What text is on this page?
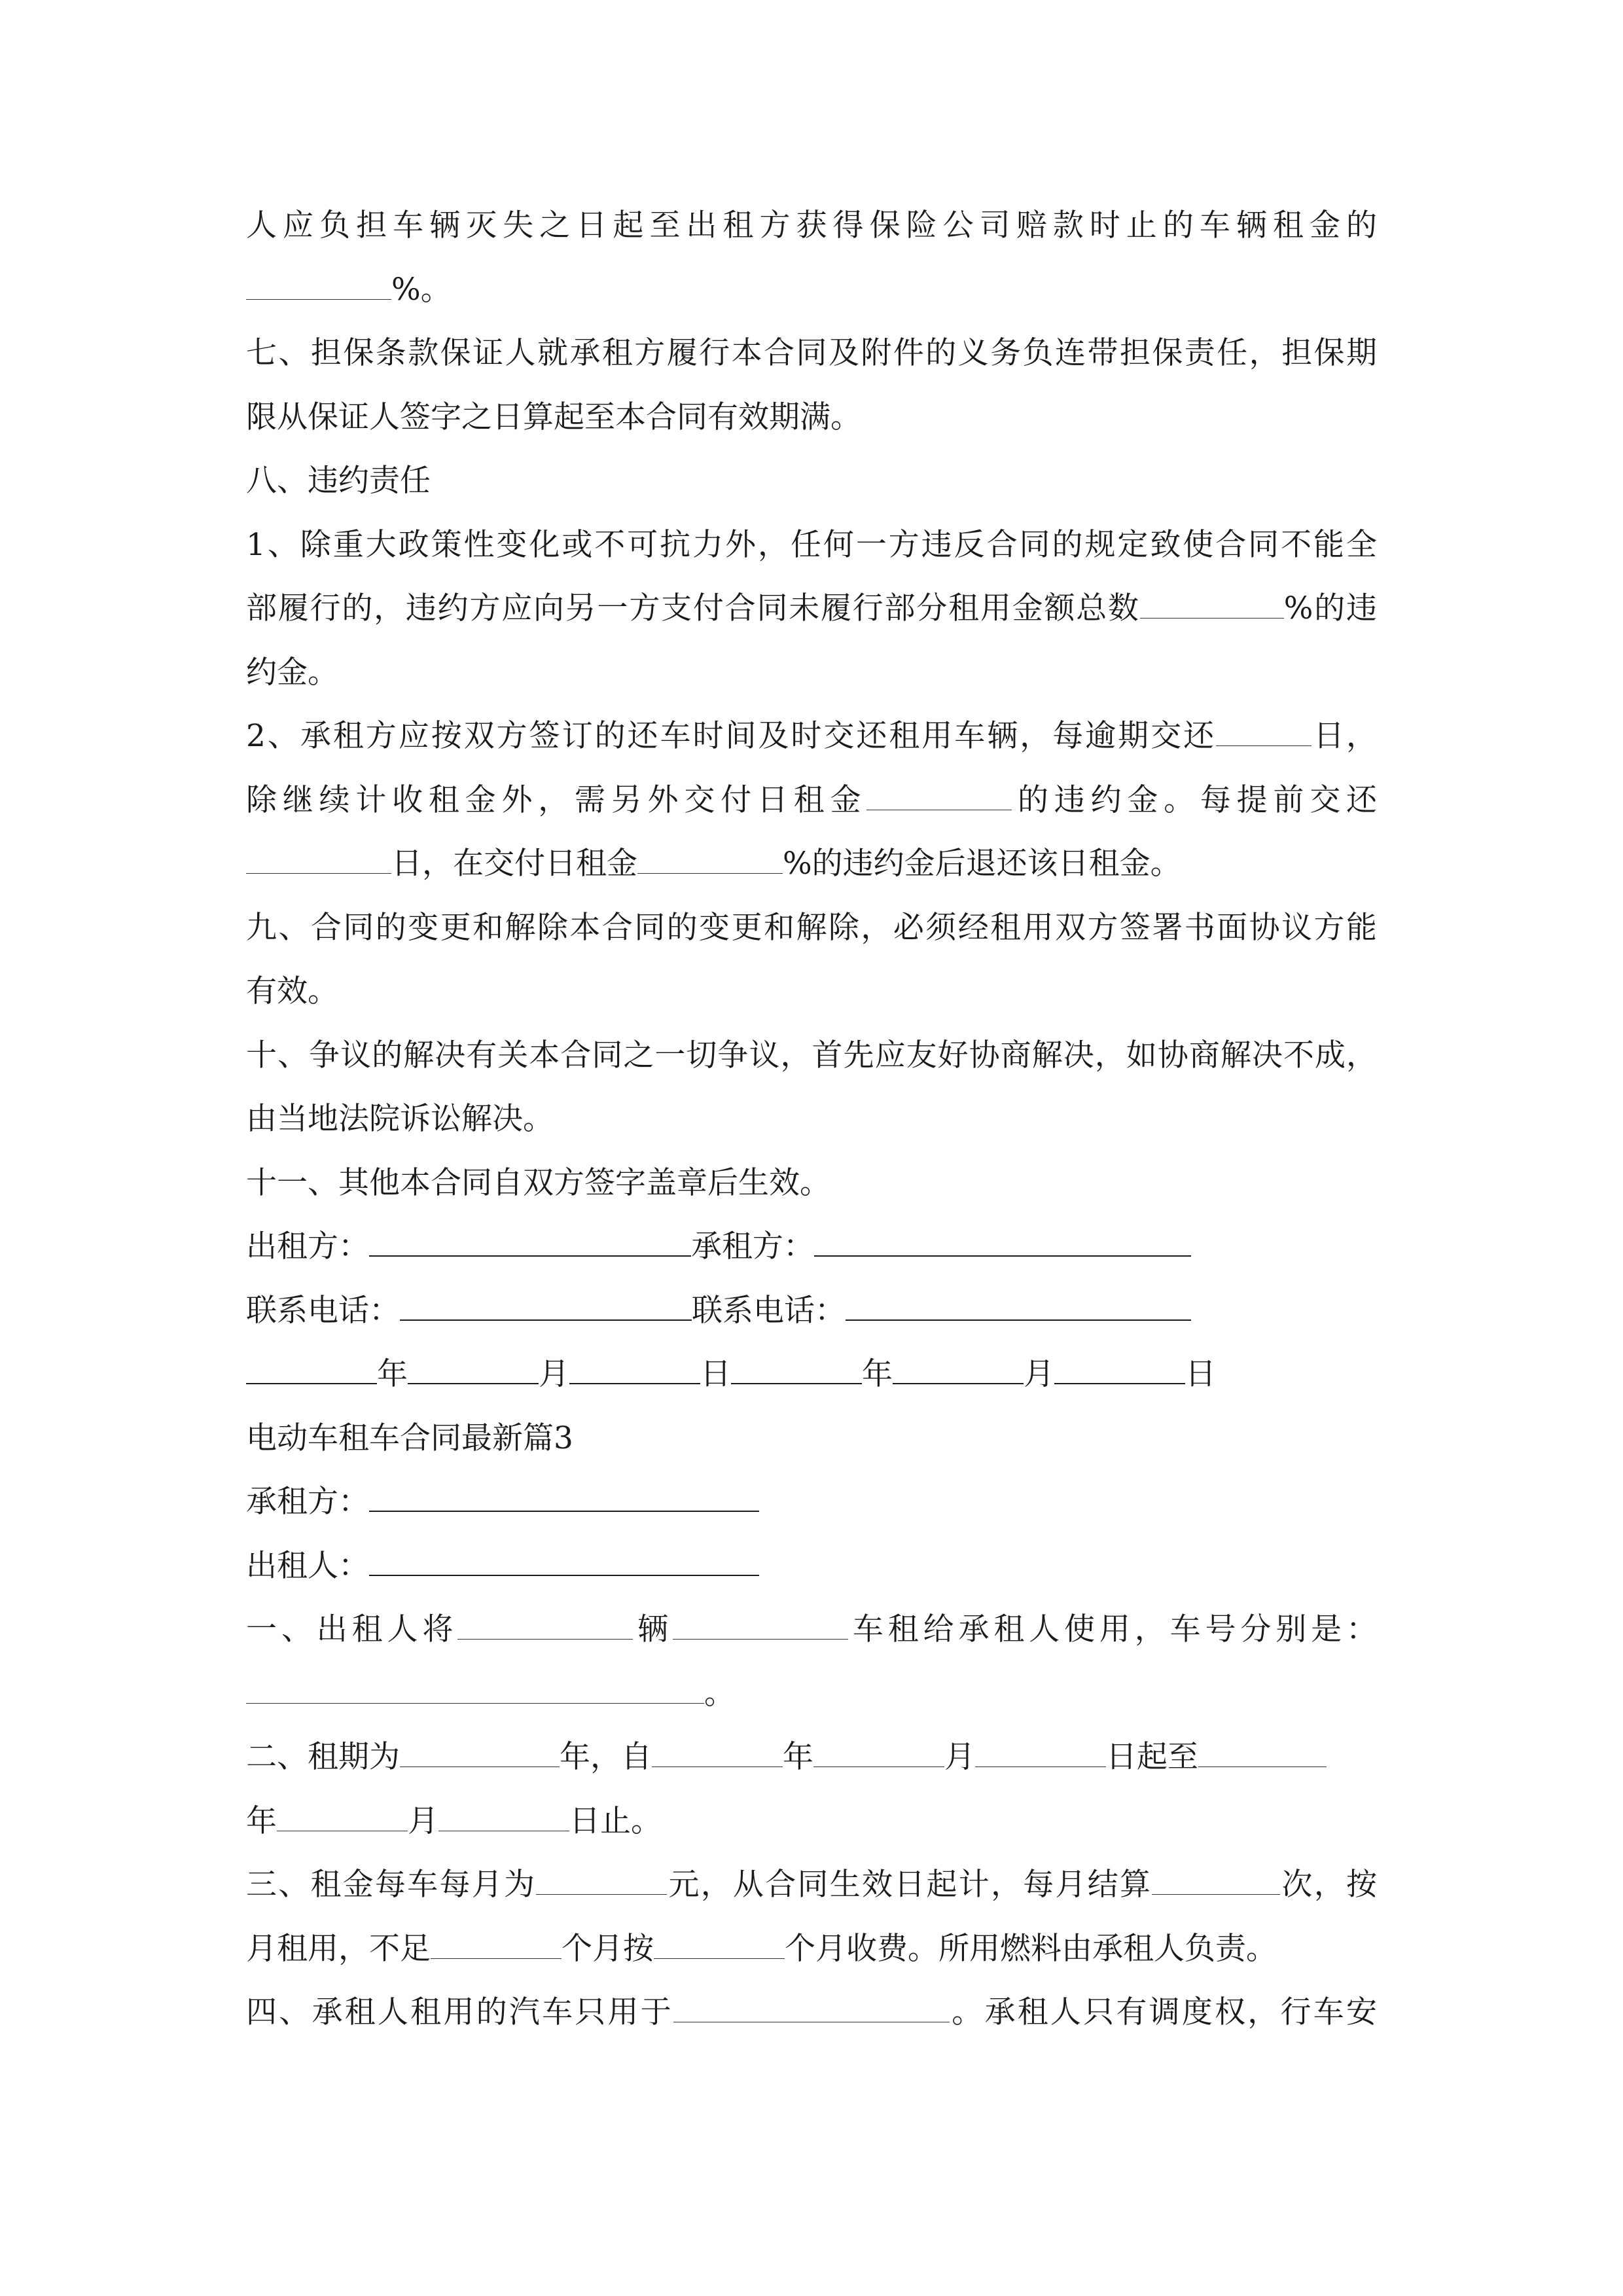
人应负担车辆灭失之日起至出租方获得保险公司赔款时止的车辆租金的
%。
七、担保条款保证人就承租方履行本合同及附件的义务负连带担保责任，担保期
限从保证人签字之日算起至本合同有效期满。
八、违约责任
1、除重大政策性变化或不可抗力外，任何一方违反合同的规定致使合同不能全
部履行的，违约方应向另一方支付合同未履行部分租用金额总数	%的违
约金。
2、承租方应按双方签订的还车时间及时交还租用车辆，每逾期交还	日，
除继续计收租金外，需另外交付日租金	的违约金。每提前交还
日，在交付日租金	%的违约金后退还该日租金。
九、合同的变更和解除本合同的变更和解除，必须经租用双方签署书面协议方能
有效。
十、争议的解决有关本合同之一切争议，首先应友好协商解决，如协商解决不成，
由当地法院诉讼解决。
十一、其他本合同自双方签字盖章后生效。
出租方：	承租方：
联系电话：	联系电话：
年	月	日	年	月	日
电动车租车合同最新篇3
承租方：
出租人：
一、出租人将	辆	车租给承租人使用，车号分别是：
。
二、租期为	年，自	年	月	日起至
年	月	日止。
三、租金每车每月为	元，从合同生效日起计，每月结算	次，按
月租用，不足	个月按	个月收费。所用燃料由承租人负责。
四、承租人租用的汽车只用于	。承租人只有调度权，行车安
